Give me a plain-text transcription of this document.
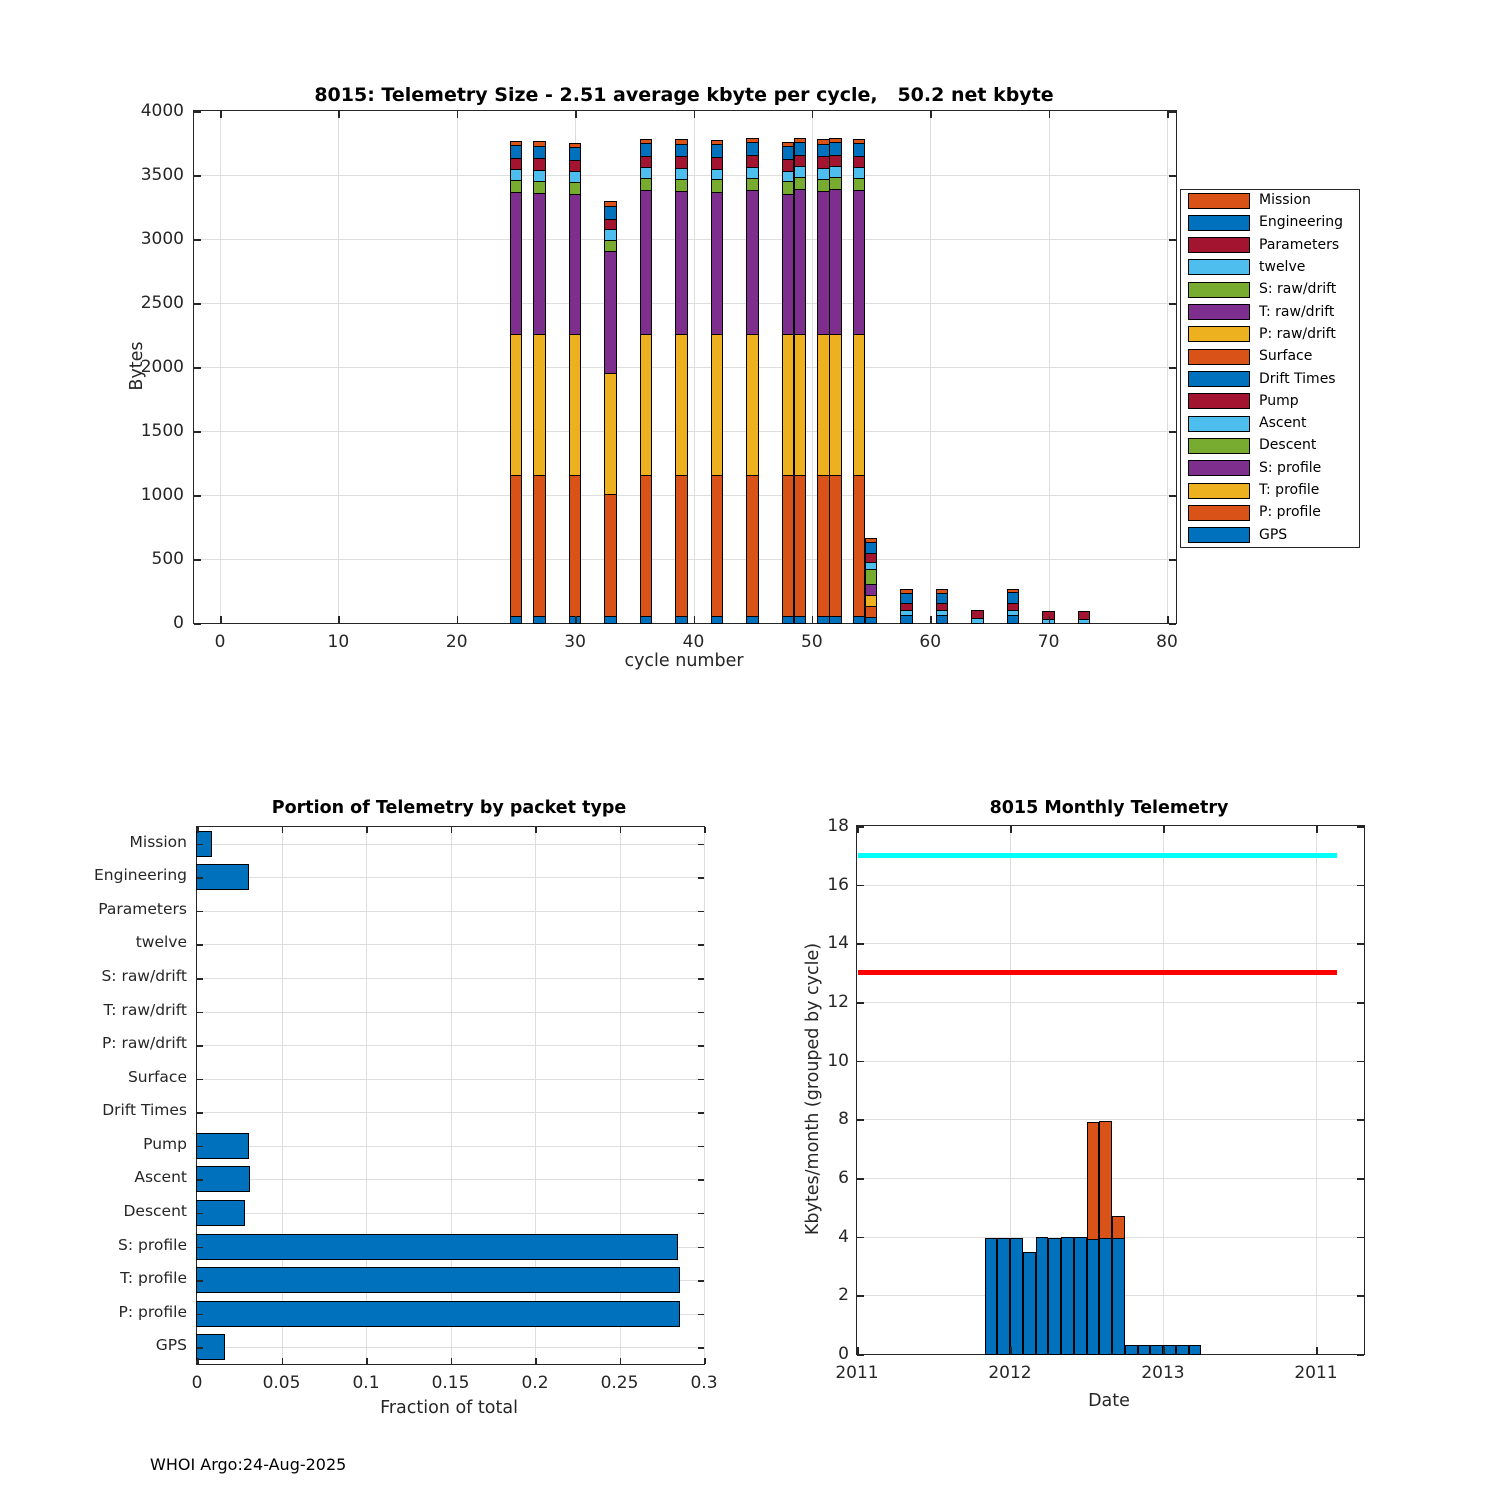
8015: Telemetry Size - 2.51 average kbyte per cycle,   50.2 net kbyte
0	10	20	30	40	50	60	70	80
0
500
1000
1500
2000
2500
3000
3500
4000
Bytes
cycle number
Mission
Engineering
Parameters
twelve
S: raw/drift
T: raw/drift
P: raw/drift
Surface
Drift Times
Pump
Ascent
Descent
S: profile
T: profile
P: profile
GPS
Portion of Telemetry by packet type
Mission
Engineering
Parameters
twelve
S: raw/drift
T: raw/drift
P: raw/drift
Surface
Drift Times
Pump
Ascent
Descent
S: profile
T: profile
P: profile
GPS
0	0.05	0.1	0.15	0.2	0.25	0.3
Fraction of total
8015 Monthly Telemetry
0
2
4
6
8
10
12
14
16
18
2011	2012	2013	2011
Kbytes/month (grouped by cycle)
Date
WHOI Argo:24-Aug-2025
